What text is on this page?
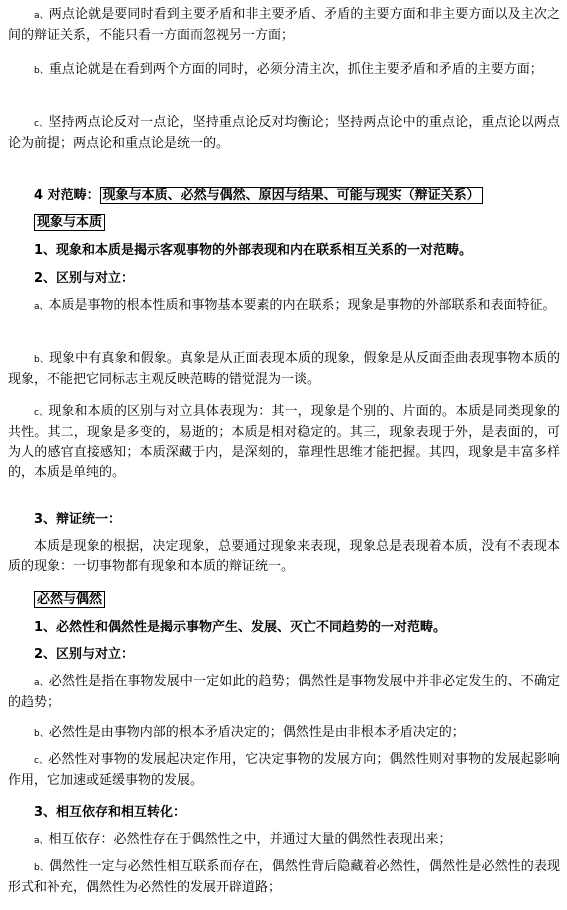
a、两点论就是要同时看到主要矛盾和非主要矛盾、矛盾的主要方面和非主要方面以及主次之间的辩证关系，不能只看一方面而忽视另一方面；
b、重点论就是在看到两个方面的同时，必须分清主次，抓住主要矛盾和矛盾的主要方面；
c、坚持两点论反对一点论，坚持重点论反对均衡论；坚持两点论中的重点论，重点论以两点论为前提；两点论和重点论是统一的。
4 对范畴： 现象与本质、必然与偶然、原因与结果、可能与现实（辩证关系）
现象与本质
1、现象和本质是揭示客观事物的外部表现和内在联系相互关系的一对范畴。
2、区别与对立：
a、本质是事物的根本性质和事物基本要素的内在联系；现象是事物的外部联系和表面特征。
b、现象中有真象和假象。真象是从正面表现本质的现象，假象是从反面歪曲表现事物本质的现象，不能把它同标志主观反映范畴的错觉混为一谈。
c、现象和本质的区别与对立具体表现为：其一，现象是个别的、片面的。本质是同类现象的共性。其二，现象是多变的，易逝的；本质是相对稳定的。其三，现象表现于外，是表面的，可为人的感官直接感知；本质深藏于内，是深刻的，靠理性思维才能把握。其四，现象是丰富多样的，本质是单纯的。
3、辩证统一：
本质是现象的根据，决定现象，总要通过现象来表现，现象总是表现着本质，没有不表现本质的现象：一切事物都有现象和本质的辩证统一。
必然与偶然
1、必然性和偶然性是揭示事物产生、发展、灭亡不同趋势的一对范畴。
2、区别与对立：
a、必然性是指在事物发展中一定如此的趋势；偶然性是事物发展中并非必定发生的、不确定的趋势；
b、必然性是由事物内部的根本矛盾决定的；偶然性是由非根本矛盾决定的；
c、必然性对事物的发展起决定作用，它决定事物的发展方向；偶然性则对事物的发展起影响作用，它加速或延缓事物的发展。
3、相互依存和相互转化：
a、相互依存：必然性存在于偶然性之中，并通过大量的偶然性表现出来；
b、偶然性一定与必然性相互联系而存在，偶然性背后隐藏着必然性，偶然性是必然性的表现形式和补充，偶然性为必然性的发展开辟道路；
